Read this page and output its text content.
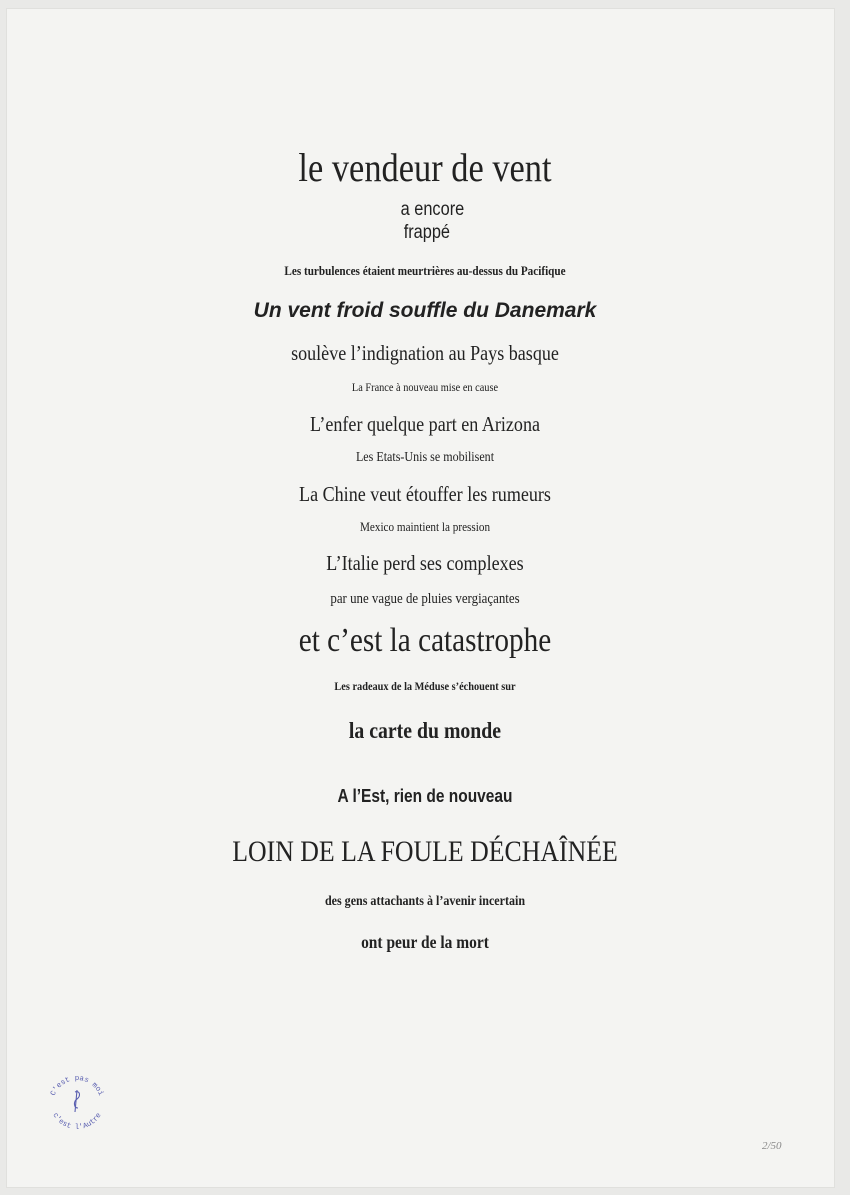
le vendeur de vent

a encore

frappé

Les turbulences étaient meurtrières au-dessus du Pacifique

Un vent froid souffle du Danemark

soulève l’indignation au Pays basque

La France à nouveau mise en cause

L’enfer quelque part en Arizona

Les Etats-Unis se mobilisent

La Chine veut étouffer les rumeurs

Mexico maintient la pression

L’Italie perd ses complexes

par une vague de pluies vergiaçantes

et c’est la catastrophe

Les radeaux de la Méduse s’échouent sur

la carte du monde

A l’Est, rien de nouveau

LOIN DE LA FOULE DÉCHAÎNÉE

des gens attachants à l’avenir incertain

ont peur de la mort

C'est pas moi
c'est l'Autre
2/50
